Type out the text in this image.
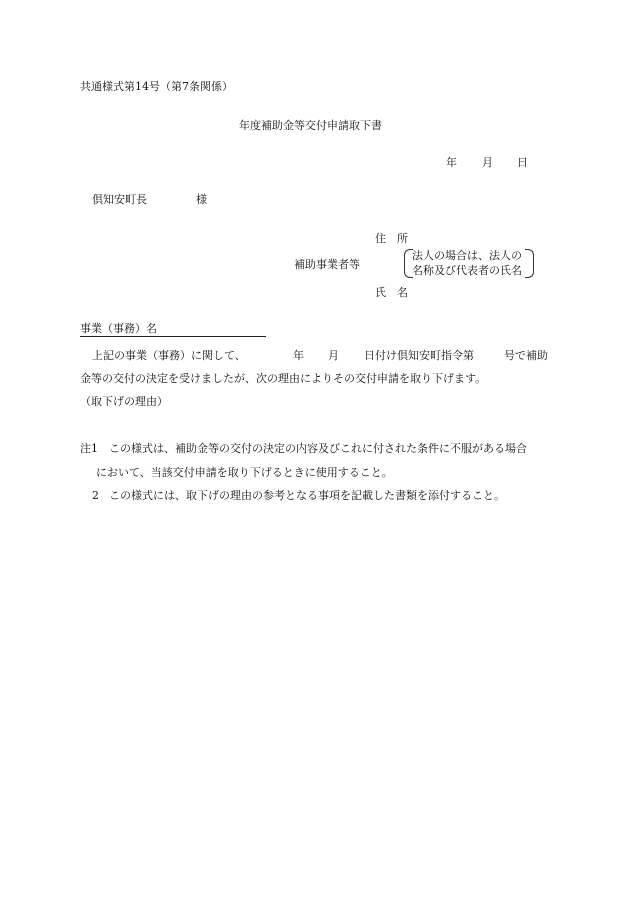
共通様式第14号（第7条関係）
年度補助金等交付申請取下書
年 月 日
倶知安町長	様
住　所
補助事業者等
法人の場合は、法人の
名称及び代表者の氏名
氏　名
事業（事務）名
上記の事業（事務）に関して、	年 月 日付け倶知安町指令第	号で補助
金等の交付の決定を受けましたが、次の理由によりその交付申請を取り下げます。
（取下げの理由）
注1 この様式は、補助金等の交付の決定の内容及びこれに付された条件に不服がある場合
において、当該交付申請を取り下げるときに使用すること。
2 この様式には、取下げの理由の参考となる事項を記載した書類を添付すること。
